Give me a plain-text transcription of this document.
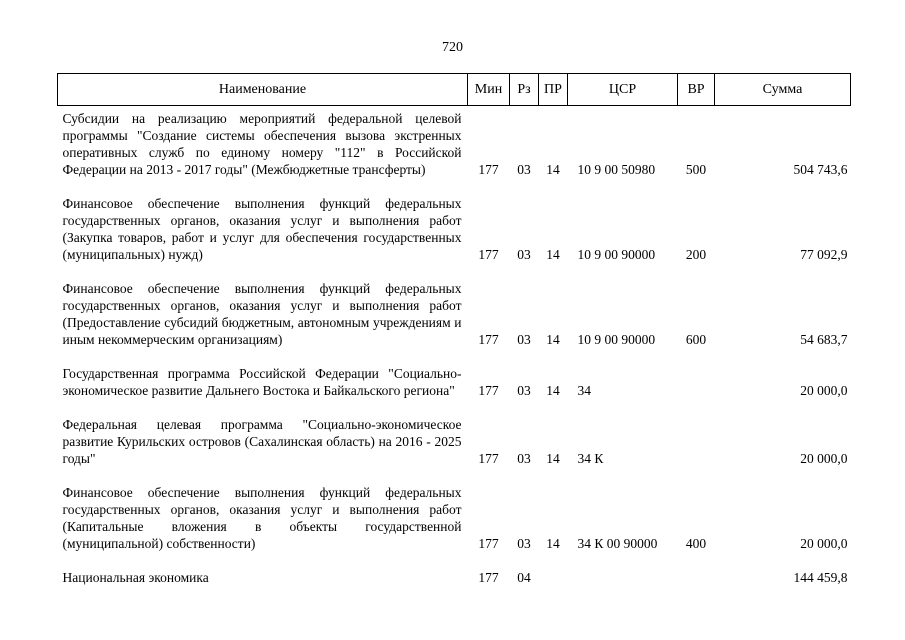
720
Наименование	Мин	Рз	ПР	ЦСР	ВР	Сумма

Субсидии на реализацию мероприятий федеральной целевой программы "Создание системы обеспечения вызова экстренных оперативных служб по единому номеру "112" в Российской Федерации на 2013 - 2017 годы" (Межбюджетные трансферты)	177	03	14	10 9 00 50980	500	504 743,6

Финансовое обеспечение выполнения функций федеральных государственных органов, оказания услуг и выполнения работ (Закупка товаров, работ и услуг для обеспечения государственных (муниципальных) нужд)	177	03	14	10 9 00 90000	200	77 092,9

Финансовое обеспечение выполнения функций федеральных государственных органов, оказания услуг и выполнения работ (Предоставление субсидий бюджетным, автономным учреждениям и иным некоммерческим организациям)	177	03	14	10 9 00 90000	600	54 683,7

Государственная программа Российской Федерации "Социально-экономическое развитие Дальнего Востока и Байкальского региона"	177	03	14	34		20 000,0

Федеральная целевая программа "Социально-экономическое развитие Курильских островов (Сахалинская область) на 2016 - 2025 годы"	177	03	14	34 К		20 000,0

Финансовое обеспечение выполнения функций федеральных государственных органов, оказания услуг и выполнения работ (Капитальные вложения в объекты государственной (муниципальной) собственности)	177	03	14	34 К 00 90000	400	20 000,0

Национальная экономика	177	04				144 459,8
